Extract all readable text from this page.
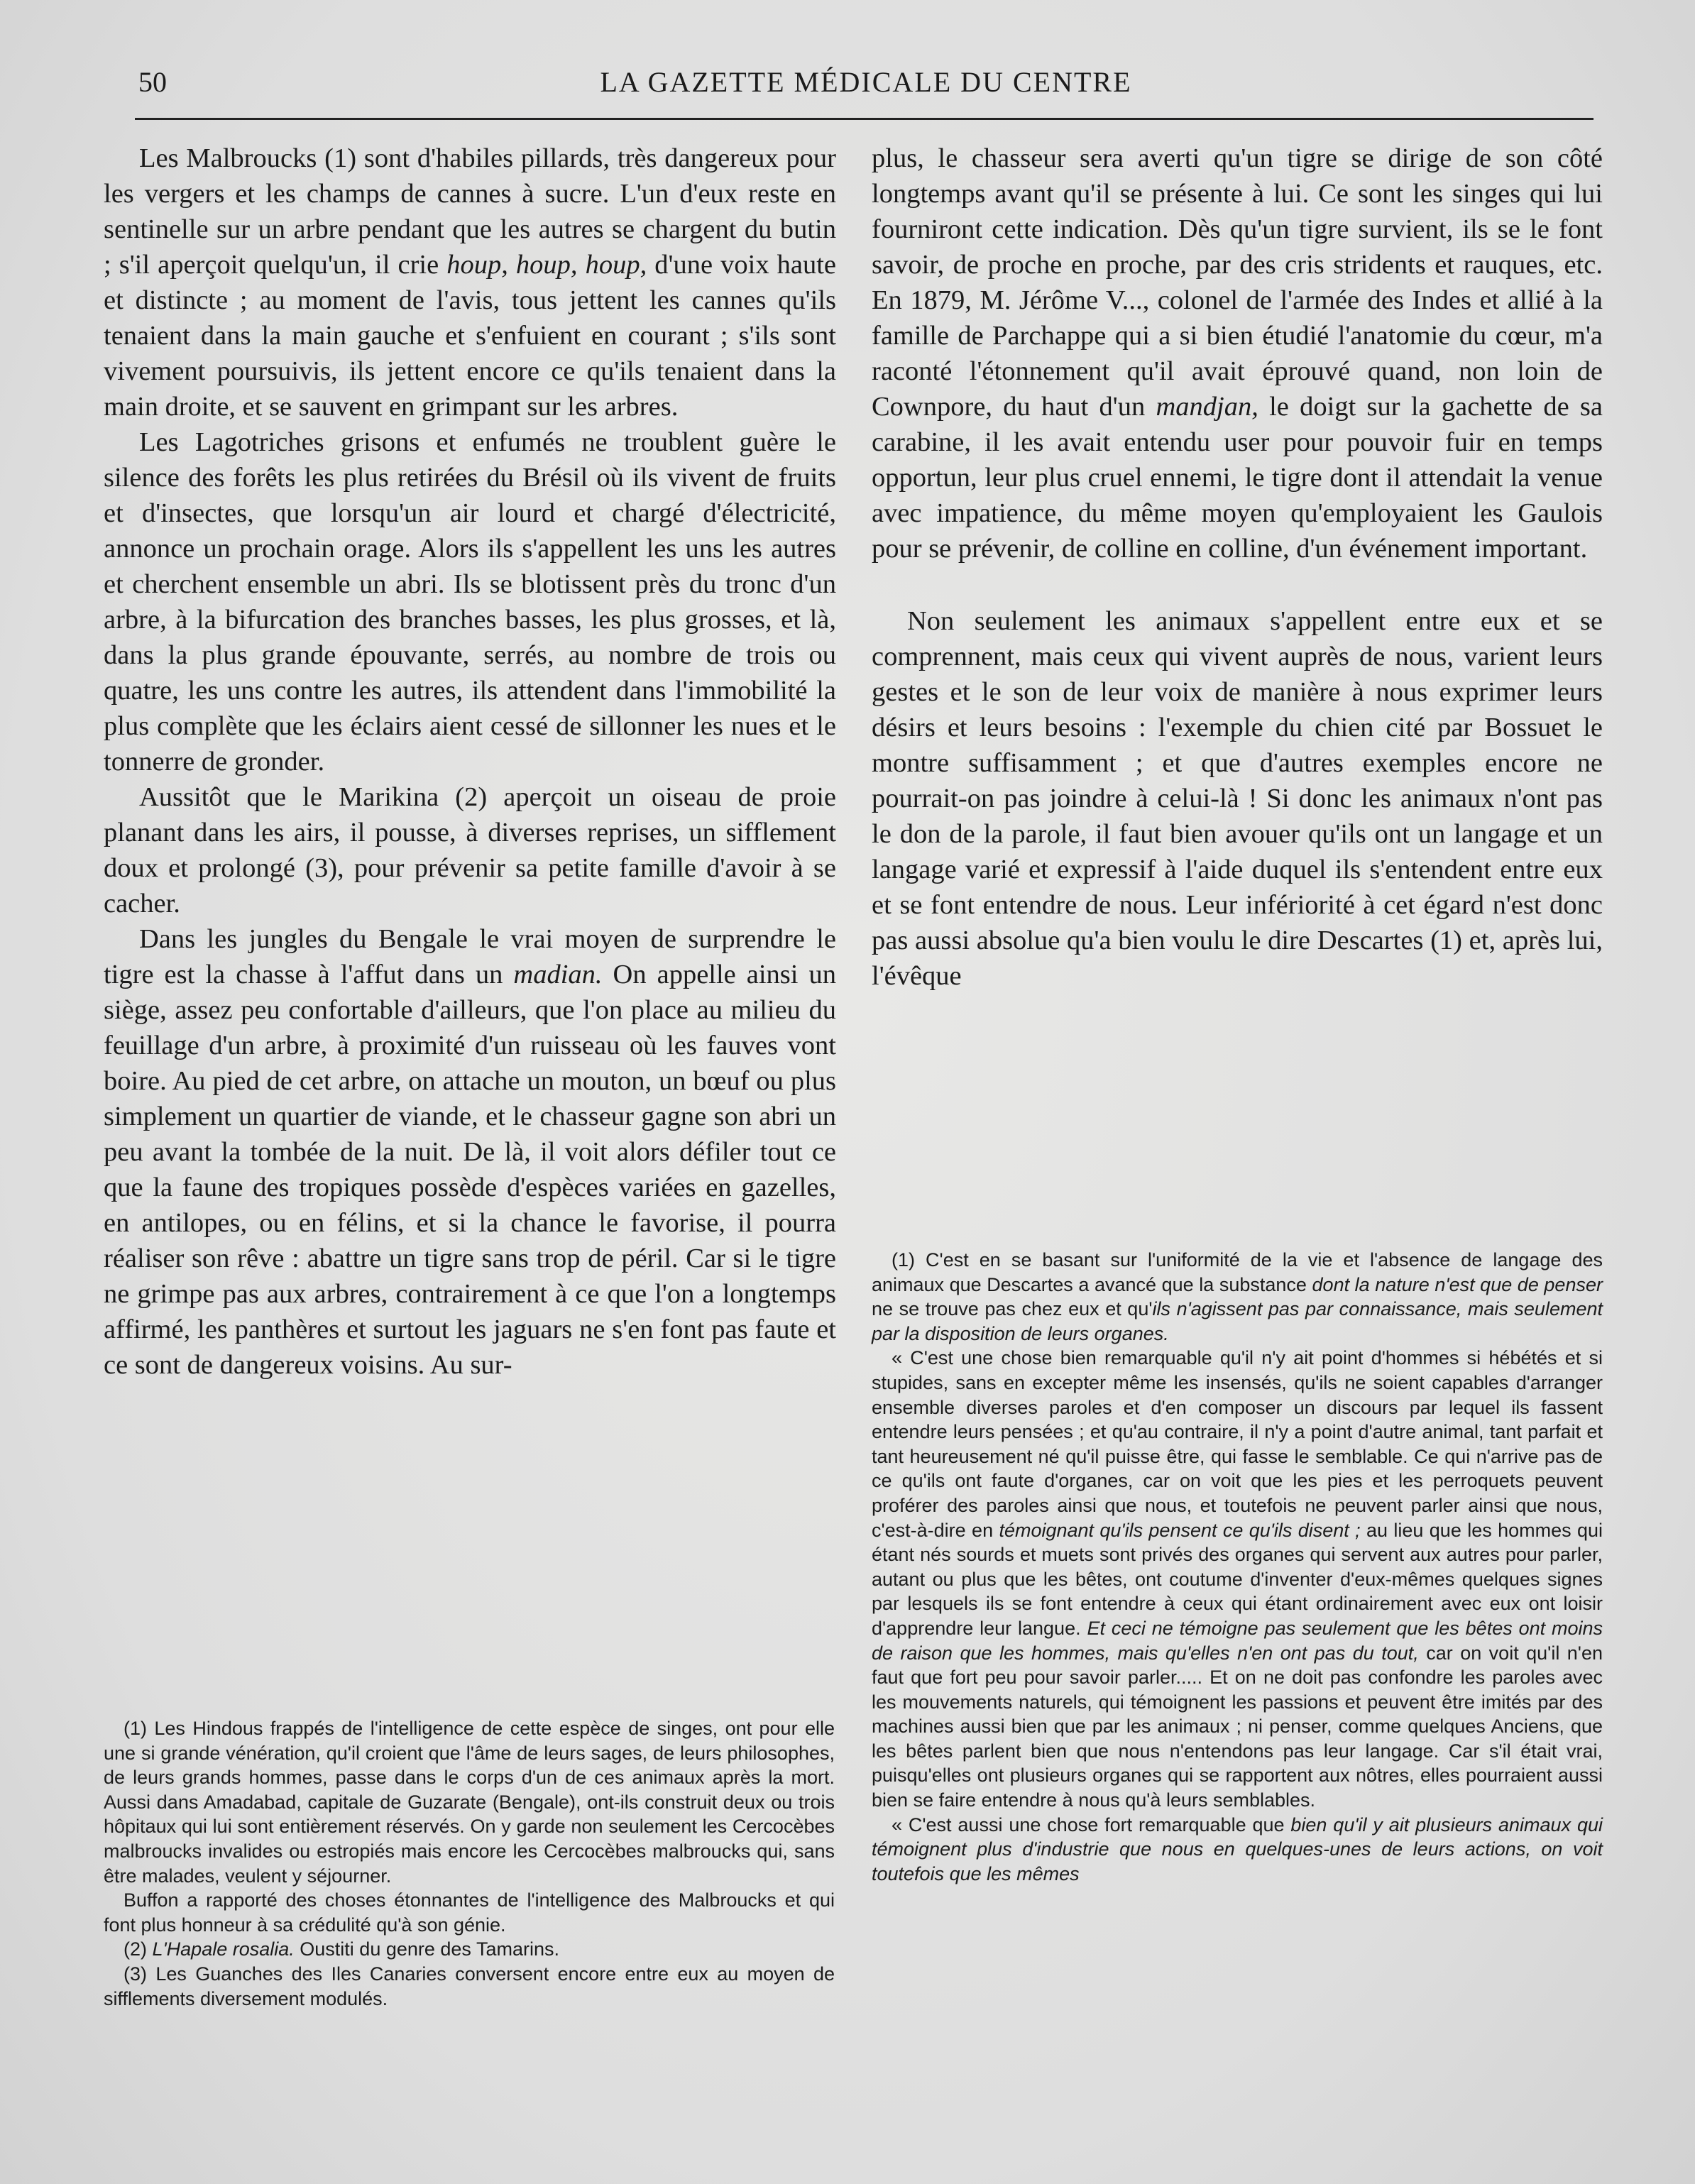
50	LA GAZETTE MÉDICALE DU CENTRE

Les Malbroucks (1) sont d'habiles pillards, très dangereux pour les vergers et les champs de cannes à sucre. L'un d'eux reste en sentinelle sur un arbre pendant que les autres se chargent du butin ; s'il aperçoit quelqu'un, il crie houp, houp, houp, d'une voix haute et distincte ; au moment de l'avis, tous jettent les cannes qu'ils tenaient dans la main gauche et s'enfuient en courant ; s'ils sont vivement poursuivis, ils jettent encore ce qu'ils tenaient dans la main droite, et se sauvent en grimpant sur les arbres.

Les Lagotriches grisons et enfumés ne troublent guère le silence des forêts les plus retirées du Brésil où ils vivent de fruits et d'insectes, que lorsqu'un air lourd et chargé d'électricité, annonce un prochain orage. Alors ils s'appellent les uns les autres et cherchent ensemble un abri. Ils se blotissent près du tronc d'un arbre, à la bifurcation des branches basses, les plus grosses, et là, dans la plus grande épouvante, serrés, au nombre de trois ou quatre, les uns contre les autres, ils attendent dans l'immobilité la plus complète que les éclairs aient cessé de sillonner les nues et le tonnerre de gronder.

Aussitôt que le Marikina (2) aperçoit un oiseau de proie planant dans les airs, il pousse, à diverses reprises, un sifflement doux et prolongé (3), pour prévenir sa petite famille d'avoir à se cacher.

Dans les jungles du Bengale le vrai moyen de surprendre le tigre est la chasse à l'affut dans un madian. On appelle ainsi un siège, assez peu confortable d'ailleurs, que l'on place au milieu du feuillage d'un arbre, à proximité d'un ruisseau où les fauves vont boire. Au pied de cet arbre, on attache un mouton, un bœuf ou plus simplement un quartier de viande, et le chasseur gagne son abri un peu avant la tombée de la nuit. De là, il voit alors défiler tout ce que la faune des tropiques possède d'espèces variées en gazelles, en antilopes, ou en félins, et si la chance le favorise, il pourra réaliser son rêve : abattre un tigre sans trop de péril. Car si le tigre ne grimpe pas aux arbres, contrairement à ce que l'on a longtemps affirmé, les panthères et surtout les jaguars ne s'en font pas faute et ce sont de dangereux voisins. Au sur-

plus, le chasseur sera averti qu'un tigre se dirige de son côté longtemps avant qu'il se présente à lui. Ce sont les singes qui lui fourniront cette indication. Dès qu'un tigre survient, ils se le font savoir, de proche en proche, par des cris stridents et rauques, etc. En 1879, M. Jérôme V..., colonel de l'armée des Indes et allié à la famille de Parchappe qui a si bien étudié l'anatomie du cœur, m'a raconté l'étonnement qu'il avait éprouvé quand, non loin de Cownpore, du haut d'un mandjan, le doigt sur la gachette de sa carabine, il les avait entendu user pour pouvoir fuir en temps opportun, leur plus cruel ennemi, le tigre dont il attendait la venue avec impatience, du même moyen qu'employaient les Gaulois pour se prévenir, de colline en colline, d'un événement important.

Non seulement les animaux s'appellent entre eux et se comprennent, mais ceux qui vivent auprès de nous, varient leurs gestes et le son de leur voix de manière à nous exprimer leurs désirs et leurs besoins : l'exemple du chien cité par Bossuet le montre suffisamment ; et que d'autres exemples encore ne pourrait-on pas joindre à celui-là ! Si donc les animaux n'ont pas le don de la parole, il faut bien avouer qu'ils ont un langage et un langage varié et expressif à l'aide duquel ils s'entendent entre eux et se font entendre de nous. Leur infériorité à cet égard n'est donc pas aussi absolue qu'a bien voulu le dire Descartes (1) et, après lui, l'évêque

(1) Les Hindous frappés de l'intelligence de cette espèce de singes, ont pour elle une si grande vénération, qu'il croient que l'âme de leurs sages, de leurs philosophes, de leurs grands hommes, passe dans le corps d'un de ces animaux après la mort. Aussi dans Amadabad, capitale de Guzarate (Bengale), ont-ils construit deux ou trois hôpitaux qui lui sont entièrement réservés. On y garde non seulement les Cercocèbes malbroucks invalides ou estropiés mais encore les Cercocèbes malbroucks qui, sans être malades, veulent y séjourner.

Buffon a rapporté des choses étonnantes de l'intelligence des Malbroucks et qui font plus honneur à sa crédulité qu'à son génie.

(2) L'Hapale rosalia. Oustiti du genre des Tamarins.

(3) Les Guanches des Iles Canaries conversent encore entre eux au moyen de sifflements diversement modulés.

(1) C'est en se basant sur l'uniformité de la vie et l'absence de langage des animaux que Descartes a avancé que la substance dont la nature n'est que de penser ne se trouve pas chez eux et qu'ils n'agissent pas par connaissance, mais seulement par la disposition de leurs organes.

« C'est une chose bien remarquable qu'il n'y ait point d'hommes si hébétés et si stupides, sans en excepter même les insensés, qu'ils ne soient capables d'arranger ensemble diverses paroles et d'en composer un discours par lequel ils fassent entendre leurs pensées ; et qu'au contraire, il n'y a point d'autre animal, tant parfait et tant heureusement né qu'il puisse être, qui fasse le semblable. Ce qui n'arrive pas de ce qu'ils ont faute d'organes, car on voit que les pies et les perroquets peuvent proférer des paroles ainsi que nous, et toutefois ne peuvent parler ainsi que nous, c'est-à-dire en témoignant qu'ils pensent ce qu'ils disent ; au lieu que les hommes qui étant nés sourds et muets sont privés des organes qui servent aux autres pour parler, autant ou plus que les bêtes, ont coutume d'inventer d'eux-mêmes quelques signes par lesquels ils se font entendre à ceux qui étant ordinairement avec eux ont loisir d'apprendre leur langue. Et ceci ne témoigne pas seulement que les bêtes ont moins de raison que les hommes, mais qu'elles n'en ont pas du tout, car on voit qu'il n'en faut que fort peu pour savoir parler..... Et on ne doit pas confondre les paroles avec les mouvements naturels, qui témoignent les passions et peuvent être imités par des machines aussi bien que par les animaux ; ni penser, comme quelques Anciens, que les bêtes parlent bien que nous n'entendons pas leur langage. Car s'il était vrai, puisqu'elles ont plusieurs organes qui se rapportent aux nôtres, elles pourraient aussi bien se faire entendre à nous qu'à leurs semblables.

« C'est aussi une chose fort remarquable que bien qu'il y ait plusieurs animaux qui témoignent plus d'industrie que nous en quelques-unes de leurs actions, on voit toutefois que les mêmes
